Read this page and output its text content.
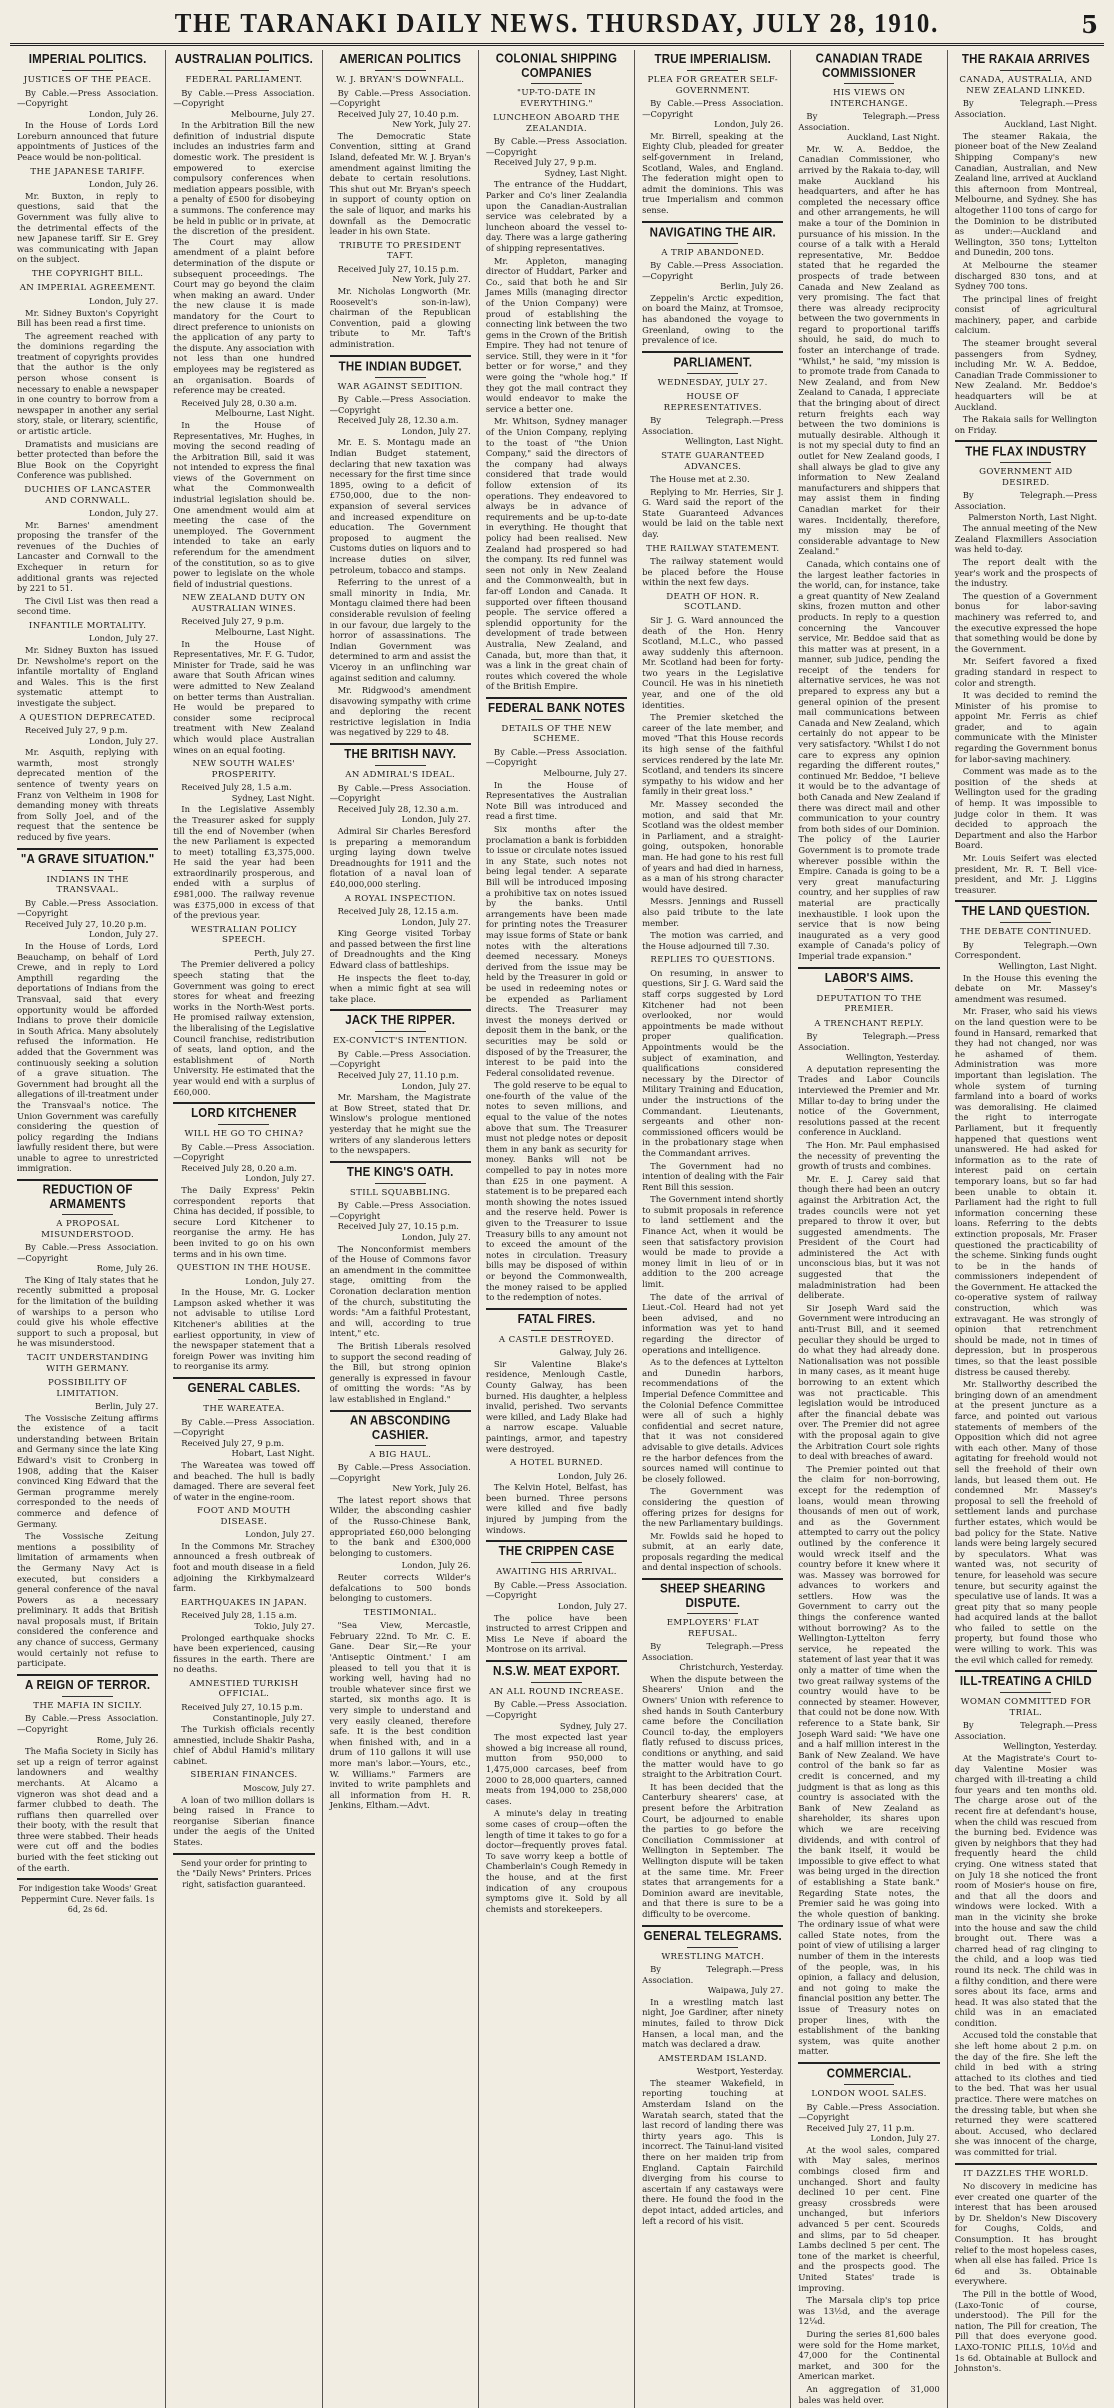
THE TARANAKI DAILY NEWS. THURSDAY, JULY 28, 1910.	5
IMPERIAL POLITICS.
JUSTICES OF THE PEACE.

By Cable.—Press Association.—Copyright

London, July 26.

In the House of Lords Lord Loreburn announced that future appointments of Justices of the Peace would be non-political.

THE JAPANESE TARIFF.

London, July 26.

Mr. Buxton, in reply to questions, said that the Government was fully alive to the detrimental effects of the new Japanese tariff. Sir E. Grey was communicating with Japan on the subject.

THE COPYRIGHT BILL.
AN IMPERIAL AGREEMENT.

London, July 27.

Mr. Sidney Buxton's Copyright Bill has been read a first time.

The agreement reached with the dominions regarding the treatment of copyrights provides that the author is the only person whose consent is necessary to enable a newspaper in one country to borrow from a newspaper in another any serial story, stale, or literary, scientific, or artistic article.

Dramatists and musicians are better protected than before the Blue Book on the Copyright Conference was published.

DUCHIES OF LANCASTER AND CORNWALL.

London, July 27.

Mr. Barnes' amendment proposing the transfer of the revenues of the Duchies of Lancaster and Cornwall to the Exchequer in return for additional grants was rejected by 221 to 51.

The Civil List was then read a second time.

INFANTILE MORTALITY.

London, July 27.

Mr. Sidney Buxton has issued Dr. Newsholme's report on the infantile mortality of England and Wales. This is the first systematic attempt to investigate the subject.

A QUESTION DEPRECATED.

Received July 27, 9 p.m.

London, July 27.

Mr. Asquith, replying with warmth, most strongly deprecated mention of the sentence of twenty years on Franz von Veltheim in 1908 for demanding money with threats from Solly Joel, and of the request that the sentence be reduced by five years.

"A GRAVE SITUATION."
INDIANS IN THE TRANSVAAL.

By Cable.—Press Association.—Copyright

Received July 27, 10.20 p.m.

London, July 27.

In the House of Lords, Lord Beauchamp, on behalf of Lord Crewe, and in reply to Lord Ampthill regarding the deportations of Indians from the Transvaal, said that every opportunity would be afforded Indians to prove their domicile in South Africa. Many absolutely refused the information. He added that the Government was continuously seeking a solution of a grave situation. The Government had brought all the allegations of ill-treatment under the Transvaal's notice. The Union Government was carefully considering the question of policy regarding the Indians lawfully resident there, but were unable to agree to unrestricted immigration.

REDUCTION OF ARMAMENTS
A PROPOSAL MISUNDERSTOOD.

By Cable.—Press Association.—Copyright

Rome, July 26.

The King of Italy states that he recently submitted a proposal for the limitation of the building of warships to a person who could give his whole effective support to such a proposal, but he was misunderstood.

TACIT UNDERSTANDING WITH GERMANY.
POSSIBILITY OF LIMITATION.

Berlin, July 27.

The Vossische Zeitung affirms the existence of a tacit understanding between Britain and Germany since the late King Edward's visit to Cronberg in 1908, adding that the Kaiser convinced King Edward that the German programme merely corresponded to the needs of commerce and defence of Germany.

The Vossische Zeitung mentions a possibility of limitation of armaments when the Germany Navy Act is executed, but considers a general conference of the naval Powers as a necessary preliminary. It adds that British naval proposals must, if Britain considered the conference and any chance of success, Germany would certainly not refuse to participate.

A REIGN OF TERROR.
THE MAFIA IN SICILY.

By Cable.—Press Association.—Copyright

Rome, July 26.

The Mafia Society in Sicily has set up a reign of terror against landowners and wealthy merchants. At Alcamo a vigneron was shot dead and a farmer clubbed to death. The ruffians then quarrelled over their booty, with the result that three were stabbed. Their heads were cut off and the bodies buried with the feet sticking out of the earth.

For indigestion take Woods' Great Peppermint Cure. Never fails. 1s 6d, 2s 6d.

AUSTRALIAN POLITICS.
FEDERAL PARLIAMENT.

By Cable.—Press Association.—Copyright

Melbourne, July 27.

In the Arbitration Bill the new definition of industrial dispute includes an industries farm and domestic work. The president is empowered to exercise compulsory conferences when mediation appears possible, with a penalty of £500 for disobeying a summons. The conference may be held in public or in private, at the discretion of the president. The Court may allow amendment of a plaint before determination of the dispute or subsequent proceedings. The Court may go beyond the claim when making an award. Under the new clause it is made mandatory for the Court to direct preference to unionists on the application of any party to the dispute. Any association with not less than one hundred employees may be registered as an organisation. Boards of reference may be created.

Received July 28, 0.30 a.m.

Melbourne, Last Night.

In the House of Representatives, Mr. Hughes, in moving the second reading of the Arbitration Bill, said it was not intended to express the final views of the Government on what the Commonwealth industrial legislation should be. One amendment would aim at meeting the case of the unemployed. The Government intended to take an early referendum for the amendment of the constitution, so as to give power to legislate on the whole field of industrial questions.

NEW ZEALAND DUTY ON AUSTRALIAN WINES.

Received July 27, 9 p.m.

Melbourne, Last Night.

In the House of Representatives, Mr. F. G. Tudor, Minister for Trade, said he was aware that South African wines were admitted to New Zealand on better terms than Australian. He would be prepared to consider some reciprocal treatment with New Zealand which would place Australian wines on an equal footing.

NEW SOUTH WALES' PROSPERITY.

Received July 28, 1.5 a.m.

Sydney, Last Night.

In the Legislative Assembly the Treasurer asked for supply till the end of November (when the new Parliament is expected to meet) totalling £3,375,000. He said the year had been extraordinarily prosperous, and ended with a surplus of £981,000. The railway revenue was £375,000 in excess of that of the previous year.

WESTRALIAN POLICY SPEECH.

Perth, July 27.

The Premier delivered a policy speech stating that the Government was going to erect stores for wheat and freezing works in the North-West ports. He promised railway extension, the liberalising of the Legislative Council franchise, redistribution of seats, land option, and the establishment of North University. He estimated that the year would end with a surplus of £60,000.

LORD KITCHENER
WILL HE GO TO CHINA?

By Cable.—Press Association.—Copyright

Received July 28, 0.20 a.m.

London, July 27.

The Daily Express' Pekin correspondent reports that China has decided, if possible, to secure Lord Kitchener to reorganise the army. He has been invited to go on his own terms and in his own time.

QUESTION IN THE HOUSE.

London, July 27.

In the House, Mr. G. Locker Lampson asked whether it was not advisable to utilise Lord Kitchener's abilities at the earliest opportunity, in view of the newspaper statement that a foreign Power was inviting him to reorganise its army.

GENERAL CABLES.
THE WAREATEA.

By Cable.—Press Association.—Copyright

Received July 27, 9 p.m.

Hobart, Last Night.

The Wareatea was towed off and beached. The hull is badly damaged. There are several feet of water in the engine-room.

FOOT AND MOUTH DISEASE.

London, July 27.

In the Commons Mr. Strachey announced a fresh outbreak of foot and mouth disease in a field adjoining the Kirkbymalzeard farm.

EARTHQUAKES IN JAPAN.

Received July 28, 1.15 a.m.

Tokio, July 27.

Prolonged earthquake shocks have been experienced, causing fissures in the earth. There are no deaths.

AMNESTIED TURKISH OFFICIAL.

Received July 27, 10.15 p.m.

Constantinople, July 27.

The Turkish officials recently amnestied, include Shakir Pasha, chief of Abdul Hamid's military cabinet.

SIBERIAN FINANCES.

Moscow, July 27.

A loan of two million dollars is being raised in France to reorganise Siberian finance under the aegis of the United States.

Send your order for printing to the "Daily News" Printers. Prices right, satisfaction guaranteed.

AMERICAN POLITICS
W. J. BRYAN'S DOWNFALL.

By Cable.—Press Association.—Copyright

Received July 27, 10.40 p.m.

New York, July 27.

The Democratic State Convention, sitting at Grand Island, defeated Mr. W. J. Bryan's amendment against limiting the debate to certain resolutions. This shut out Mr. Bryan's speech in support of county option on the sale of liquor, and marks his downfall as the Democratic leader in his own State.

TRIBUTE TO PRESIDENT TAFT.

Received July 27, 10.15 p.m.

New York, July 27.

Mr. Nicholas Longworth (Mr. Roosevelt's son-in-law), chairman of the Republican Convention, paid a glowing tribute to Mr. Taft's administration.

THE INDIAN BUDGET.
WAR AGAINST SEDITION.

By Cable.—Press Association.—Copyright

Received July 28, 12.30 a.m.

London, July 27.

Mr. E. S. Montagu made an Indian Budget statement, declaring that new taxation was necessary for the first time since 1895, owing to a deficit of £750,000, due to the non-expansion of several services and increased expenditure on education. The Government proposed to augment the Customs duties on liquors and to increase duties on silver, petroleum, tobacco and stamps.

Referring to the unrest of a small minority in India, Mr. Montagu claimed there had been considerable revulsion of feeling in our favour, due largely to the horror of assassinations. The Indian Government was determined to arm and assist the Viceroy in an unflinching war against sedition and calumny.

Mr. Ridgwood's amendment disavowing sympathy with crime and deploring the recent restrictive legislation in India was negatived by 229 to 48.

THE BRITISH NAVY.
AN ADMIRAL'S IDEAL.

By Cable.—Press Association.—Copyright

Received July 28, 12.30 a.m.

London, July 27.

Admiral Sir Charles Beresford is preparing a memorandum urging laying down twelve Dreadnoughts for 1911 and the flotation of a naval loan of £40,000,000 sterling.

A ROYAL INSPECTION.

Received July 28, 12.15 a.m.

London, July 27.

King George visited Torbay and passed between the first line of Dreadnoughts and the King Edward class of battleships.

He inspects the fleet to-day, when a mimic fight at sea will take place.

JACK THE RIPPER.
EX-CONVICT'S INTENTION.

By Cable.—Press Association.—Copyright

Received July 27, 11.10 p.m.

London, July 27.

Mr. Marsham, the Magistrate at Bow Street, stated that Dr. Winslow's prologue mentioned yesterday that he might sue the writers of any slanderous letters to the newspapers.

THE KING'S OATH.
STILL SQUABBLING.

By Cable.—Press Association.—Copyright

Received July 27, 10.15 p.m.

London, July 27.

The Nonconformist members of the House of Commons favor an amendment in the committee stage, omitting from the Coronation declaration mention of the church, substituting the words: "Am a faithful Protestant, and will, according to true intent," etc.

The British Liberals resolved to support the second reading of the Bill, but strong opinion generally is expressed in favour of omitting the words: "As by law established in England."

AN ABSCONDING CASHIER.
A BIG HAUL.

By Cable.—Press Association.—Copyright

New York, July 26.

The latest report shows that Wilder, the absconding cashier of the Russo-Chinese Bank, appropriated £60,000 belonging to the bank and £300,000 belonging to customers.

London, July 26.

Reuter corrects Wilder's defalcations to 500 bonds belonging to customers.

TESTIMONIAL.

"Sea View, Mercastle, February 22nd. To Mr. C. E. Gane. Dear Sir,—Re your 'Antiseptic Ointment.' I am pleased to tell you that it is working well, having had no trouble whatever since first we started, six months ago. It is very simple to understand and very easily cleaned, therefore safe. It is the best condition when finished with, and in a drum of 110 gallons it will use more man's labor.—Yours, etc., W. Williams." Farmers are invited to write pamphlets and all information from H. R. Jenkins, Eltham.—Advt.

COLONIAL SHIPPING COMPANIES
"UP-TO-DATE IN EVERYTHING."
LUNCHEON ABOARD THE ZEALANDIA.

By Cable.—Press Association.—Copyright

Received July 27, 9 p.m.

Sydney, Last Night.

The entrance of the Huddart, Parker and Co's liner Zealandia upon the Canadian-Australian service was celebrated by a luncheon aboard the vessel to-day. There was a large gathering of shipping representatives.

Mr. Appleton, managing director of Huddart, Parker and Co., said that both he and Sir James Mills (managing director of the Union Company) were proud of establishing the connecting link between the two gems in the Crown of the British Empire. They had not tenure of service. Still, they were in it "for better or for worse," and they were going the "whole hog." If they got the mail contract they would endeavor to make the service a better one.

Mr. Whitson, Sydney manager of the Union Company, replying to the toast of "the Union Company," said the directors of the company had always considered that trade would follow extension of its operations. They endeavored to always be in advance of requirements and be up-to-date in everything. He thought that policy had been realised. New Zealand had prospered so had the company. Its red funnel was seen not only in New Zealand and the Commonwealth, but in far-off London and Canada. It supported over fifteen thousand people. The service offered a splendid opportunity for the development of trade between Australia, New Zealand, and Canada, but, more than that, it was a link in the great chain of routes which covered the whole of the British Empire.

FEDERAL BANK NOTES
DETAILS OF THE NEW SCHEME.

By Cable.—Press Association.—Copyright

Melbourne, July 27.

In the House of Representatives the Australian Note Bill was introduced and read a first time.

Six months after the proclamation a bank is forbidden to issue or circulate notes issued in any State, such notes not being legal tender. A separate Bill will be introduced imposing a prohibitive tax on notes issued by the banks. Until arrangements have been made for printing notes the Treasurer may issue forms of State or bank notes with the alterations deemed necessary. Moneys derived from the issue may be held by the Treasurer in gold or be used in redeeming notes or be expended as Parliament directs. The Treasurer may invest the moneys derived or deposit them in the bank, or the securities may be sold or disposed of by the Treasurer, the interest to be paid into the Federal consolidated revenue.

The gold reserve to be equal to one-fourth of the value of the notes to seven millions, and equal to the value of the notes above that sum. The Treasurer must not pledge notes or deposit them in any bank as security for money. Banks will not be compelled to pay in notes more than £25 in one payment. A statement is to be prepared each month showing the notes issued and the reserve held. Power is given to the Treasurer to issue Treasury bills to any amount not to exceed the amount of the notes in circulation. Treasury bills may be disposed of within or beyond the Commonwealth, the money raised to be applied to the redemption of notes.

FATAL FIRES.
A CASTLE DESTROYED.

Galway, July 26.

Sir Valentine Blake's residence, Menlough Castle, County Galway, has been burned. His daughter, a helpless invalid, perished. Two servants were killed, and Lady Blake had a narrow escape. Valuable paintings, armor, and tapestry were destroyed.

A HOTEL BURNED.

London, July 26.

The Kelvin Hotel, Belfast, has been burned. Three persons were killed and five badly injured by jumping from the windows.

THE CRIPPEN CASE
AWAITING HIS ARRIVAL.

By Cable.—Press Association.—Copyright

London, July 27.

The police have been instructed to arrest Crippen and Miss Le Neve if aboard the Montrose on its arrival.

N.S.W. MEAT EXPORT.
AN ALL ROUND INCREASE.

By Cable.—Press Association.—Copyright

Sydney, July 27.

The most expected last year showed a big increase all round, mutton from 950,000 to 1,475,000 carcases, beef from 2000 to 28,000 quarters, canned meats from 194,000 to 258,000 cases.

A minute's delay in treating some cases of croup—often the length of time it takes to go for a doctor—frequently proves fatal. To save worry keep a bottle of Chamberlain's Cough Remedy in the house, and at the first indication of any croupous symptoms give it. Sold by all chemists and storekeepers.

TRUE IMPERIALISM.
PLEA FOR GREATER SELF-GOVERNMENT.

By Cable.—Press Association.—Copyright

London, July 26.

Mr. Birrell, speaking at the Eighty Club, pleaded for greater self-government in Ireland, Scotland, Wales, and England. The federation might open to admit the dominions. This was true Imperialism and common sense.

NAVIGATING THE AIR.
A TRIP ABANDONED.

By Cable.—Press Association.—Copyright

Berlin, July 26.

Zeppelin's Arctic expedition, on board the Mainz, at Tromsoe, has abandoned the voyage to Greenland, owing to the prevalence of ice.

PARLIAMENT.
WEDNESDAY, JULY 27.
HOUSE OF REPRESENTATIVES.

By Telegraph.—Press Association.

Wellington, Last Night.

STATE GUARANTEED ADVANCES.

The House met at 2.30.

Replying to Mr. Herries, Sir J. G. Ward said the report of the State Guaranteed Advances would be laid on the table next day.

THE RAILWAY STATEMENT.

The railway statement would be placed before the House within the next few days.

DEATH OF HON. R. SCOTLAND.

Sir J. G. Ward announced the death of the Hon. Henry Scotland, M.L.C., who passed away suddenly this afternoon. Mr. Scotland had been for forty-two years in the Legislative Council. He was in his ninetieth year, and one of the old identities.

The Premier sketched the career of the late member, and moved "That this House records its high sense of the faithful services rendered by the late Mr. Scotland, and tenders its sincere sympathy to his widow and her family in their great loss."

Mr. Massey seconded the motion, and said that Mr. Scotland was the oldest member in Parliament, and a straight-going, outspoken, honorable man. He had gone to his rest full of years and had died in harness, as a man of his strong character would have desired.

Messrs. Jennings and Russell also paid tribute to the late member.

The motion was carried, and the House adjourned till 7.30.

REPLIES TO QUESTIONS.

On resuming, in answer to questions, Sir J. G. Ward said the staff corps suggested by Lord Kitchener had not been overlooked, nor would appointments be made without proper qualification. Appointments would be the subject of examination, and qualifications considered necessary by the Director of Military Training and Education, under the instructions of the Commandant. Lieutenants, sergeants and other non-commissioned officers would be in the probationary stage when the Commandant arrives.

The Government had no intention of dealing with the Fair Rent Bill this session.

The Government intend shortly to submit proposals in reference to land settlement and the Finance Act, when it would be seen that satisfactory provision would be made to provide a money limit in lieu of or in addition to the 200 acreage limit.

The date of the arrival of Lieut.-Col. Heard had not yet been advised, and no information was yet to hand regarding the director of operations and intelligence.

As to the defences at Lyttelton and Dunedin harbors, recommendations of the Imperial Defence Committee and the Colonial Defence Committee were all of such a highly confidential and secret nature, that it was not considered advisable to give details. Advices re the harbor defences from the sources named will continue to be closely followed.

The Government was considering the question of offering prizes for designs for the new Parliamentary buildings.

Mr. Fowlds said he hoped to submit, at an early date, proposals regarding the medical and dental inspection of schools.

SHEEP SHEARING DISPUTE.
EMPLOYERS' FLAT REFUSAL.

By Telegraph.—Press Association.

Christchurch, Yesterday.

When the dispute between the Shearers' Union and the Owners' Union with reference to shed hands in South Canterbury came before the Conciliation Council to-day, the employers flatly refused to discuss prices, conditions or anything, and said the matter would have to go straight to the Arbitration Court.

It has been decided that the Canterbury shearers' case, at present before the Arbitration Court, be adjourned to enable the parties to go before the Conciliation Commissioner at Wellington in September. The Wellington dispute will be taken at the same time. Mr. Freer states that arrangements for a Dominion award are inevitable, and that there is sure to be a difficulty to be overcome.

GENERAL TELEGRAMS.
WRESTLING MATCH.

By Telegraph.—Press Association.

Waipawa, July 27.

In a wrestling match last night, Joe Gardiner, after ninety minutes, failed to throw Dick Hansen, a local man, and the match was declared a draw.

AMSTERDAM ISLAND.

Westport, Yesterday.

The steamer Wakefield, in reporting touching at Amsterdam Island on the Waratah search, stated that the last record of landing there was thirty years ago. This is incorrect. The Tainui-land visited there on her maiden trip from England. Captain Fairchild diverging from his course to ascertain if any castaways were there. He found the food in the depot intact, added articles, and left a record of his visit.

CANADIAN TRADE COMMISSIONER
HIS VIEWS ON INTERCHANGE.

By Telegraph.—Press Association.

Auckland, Last Night.

Mr. W. A. Beddoe, the Canadian Commissioner, who arrived by the Rakaia to-day, will make Auckland his headquarters, and after he has completed the necessary office and other arrangements, he will make a tour of the Dominion in pursuance of his mission. In the course of a talk with a Herald representative, Mr. Beddoe stated that he regarded the prospects of trade between Canada and New Zealand as very promising. The fact that there was already reciprocity between the two governments in regard to proportional tariffs should, he said, do much to foster an interchange of trade. "Whilst," he said, "my mission is to promote trade from Canada to New Zealand, and from New Zealand to Canada, I appreciate that the bringing about of direct return freights each way between the two dominions is mutually desirable. Although it is not my special duty to find an outlet for New Zealand goods, I shall always be glad to give any information to New Zealand manufacturers and shippers that may assist them in finding Canadian market for their wares. Incidentally, therefore, my mission may be of considerable advantage to New Zealand."

Canada, which contains one of the largest leather factories in the world, can, for instance, take a great quantity of New Zealand skins, frozen mutton and other products. In reply to a question concerning the Vancouver service, Mr. Beddoe said that as this matter was at present, in a manner, sub judice, pending the receipt of the tenders for alternative services, he was not prepared to express any but a general opinion of the present mail communications between Canada and New Zealand, which certainly do not appear to be very satisfactory. "Whilst I do not care to express any opinion regarding the different routes," continued Mr. Beddoe, "I believe it would be to the advantage of both Canada and New Zealand if there was direct mail and other communication to your country from both sides of our Dominion. The policy of the Laurier Government is to promote trade wherever possible within the Empire. Canada is going to be a very great manufacturing country, and her supplies of raw material are practically inexhaustible. I look upon the service that is now being inaugurated as a very good example of Canada's policy of Imperial trade expansion."

LABOR'S AIMS.
DEPUTATION TO THE PREMIER.
A TRENCHANT REPLY.

By Telegraph.—Press Association.

Wellington, Yesterday.

A deputation representing the Trades and Labor Councils interviewed the Premier and Mr. Millar to-day to bring under the notice of the Government, resolutions passed at the recent conference in Auckland.

The Hon. Mr. Paul emphasised the necessity of preventing the growth of trusts and combines.

Mr. E. J. Carey said that though there had been an outcry against the Arbitration Act, the trades councils were not yet prepared to throw it over, but suggested amendments. The President of the Court had administered the Act with unconscious bias, but it was not suggested that the maladministration had been deliberate.

Sir Joseph Ward said the Government were introducing an anti-Trust Bill, and it seemed peculiar they should be urged to do what they had already done. Nationalisation was not possible in many cases, as it meant huge borrowing to an extent which was not practicable. This legislation would be introduced after the financial debate was over. The Premier did not agree with the proposal again to give the Arbitration Court sole rights to deal with breaches of award.

The Premier pointed out that the claim for non-borrowing, except for the redemption of loans, would mean throwing thousands of men out of work, and as the Government attempted to carry out the policy outlined by the conference it would wreck itself and the country before it knew where it was. Massey was borrowed for advances to workers and settlers. How was the Government to carry out the things the conference wanted without borrowing? As to the Wellington-Lyttelton ferry service, he repeated the statement of last year that it was only a matter of time when the two great railway systems of the country would have to be connected by steamer. However, that could not be done now. With reference to a State bank, Sir Joseph Ward said: "We have one and a half million interest in the Bank of New Zealand. We have control of the bank so far as credit is concerned, and my judgment is that as long as this country is associated with the Bank of New Zealand as shareholder, its shares upon which we are receiving dividends, and with control of the bank itself, it would be impossible to give effect to what was being urged in the direction of establishing a State bank." Regarding State notes, the Premier said he was going into the whole question of banking. The ordinary issue of what were called State notes, from the point of view of utilising a larger number of them in the interests of the people, was, in his opinion, a fallacy and delusion, and not going to make the financial position any better. The issue of Treasury notes on proper lines, with the establishment of the banking system, was quite another matter.

COMMERCIAL.
LONDON WOOL SALES.

By Cable.—Press Association.—Copyright

Received July 27, 11 p.m.

London, July 27.

At the wool sales, compared with May sales, merinos combings closed firm and unchanged. Short and faulty declined 10 per cent. Fine greasy crossbreds were unchanged, but inferiors advanced 5 per cent. Scoureds and slims, par to 5d cheaper. Lambs declined 5 per cent. The tone of the market is cheerful, and the prospects good. The United States' trade is improving.

The Marsala clip's top price was 13½d, and the average 12¼d.

During the series 81,600 bales were sold for the Home market, 47,000 for the Continental market, and 300 for the American market.

An aggregation of 31,000 bales was held over.

THE RAKAIA ARRIVES
CANADA, AUSTRALIA, AND NEW ZEALAND LINKED.

By Telegraph.—Press Association.

Auckland, Last Night.

The steamer Rakaia, the pioneer boat of the New Zealand Shipping Company's new Canadian, Australian, and New Zealand line, arrived at Auckland this afternoon from Montreal, Melbourne, and Sydney. She has altogether 1100 tons of cargo for the Dominion to be distributed as under:—Auckland and Wellington, 350 tons; Lyttelton and Dunedin, 200 tons.

At Melbourne the steamer discharged 830 tons, and at Sydney 700 tons.

The principal lines of freight consist of agricultural machinery, paper, and carbide calcium.

The steamer brought several passengers from Sydney, including Mr. W. A. Beddoe, Canadian Trade Commissioner to New Zealand. Mr. Beddoe's headquarters will be at Auckland.

The Rakaia sails for Wellington on Friday.

THE FLAX INDUSTRY
GOVERNMENT AID DESIRED.

By Telegraph.—Press Association.

Palmerston North, Last Night.

The annual meeting of the New Zealand Flaxmillers Association was held to-day.

The report dealt with the year's work and the prospects of the industry.

The question of a Government bonus for labor-saving machinery was referred to, and the executive expressed the hope that something would be done by the Government.

Mr. Seifert favored a fixed grading standard in respect to color and strength.

It was decided to remind the Minister of his promise to appoint Mr. Ferris as chief grader, and to again communicate with the Minister regarding the Government bonus for labor-saving machinery.

Comment was made as to the position of the sheds at Wellington used for the grading of hemp. It was impossible to judge color in them. It was decided to approach the Department and also the Harbor Board.

Mr. Louis Seifert was elected president, Mr. R. T. Bell vice-president, and Mr. J. Liggins treasurer.

THE LAND QUESTION.
THE DEBATE CONTINUED.

By Telegraph.—Own Correspondent.

Wellington, Last Night.

In the House this evening the debate on Mr. Massey's amendment was resumed.

Mr. Fraser, who said his views on the land question were to be found in Hansard, remarked that they had not changed, nor was he ashamed of them. Administration was more important than legislation. The whole system of turning farmland into a board of works was demoralising. He claimed the right to interrogate Parliament, but it frequently happened that questions went unanswered. He had asked for information as to the rate of interest paid on certain temporary loans, but so far had been unable to obtain it. Parliament had the right to full information concerning these loans. Referring to the debts extinction proposals, Mr. Fraser questioned the practicability of the scheme. Sinking funds ought to be in the hands of commissioners independent of the Government. He attacked the co-operative system of railway construction, which was extravagant. He was strongly of opinion that retrenchment should be made, not in times of depression, but in prosperous times, so that the least possible distress be caused thereby.

Mr. Stallworthy described the bringing down of an amendment at the present juncture as a farce, and pointed out various statements of members of the Opposition which did not agree with each other. Many of those agitating for freehold would not sell the freehold of their own lands, but leased them out. He condemned Mr. Massey's proposal to sell the freehold of settlement lands and purchase further estates, which would be bad policy for the State. Native lands were being largely secured by speculators. What was wanted was, not security of tenure, for leasehold was secure tenure, but security against the speculative use of lands. It was a great pity that so many people had acquired lands at the ballot who failed to settle on the property, but found those who were willing to work. This was the evil which called for remedy.

ILL-TREATING A CHILD
WOMAN COMMITTED FOR TRIAL.

By Telegraph.—Press Association.

Wellington, Yesterday.

At the Magistrate's Court to-day Valentine Mosier was charged with ill-treating a child four years and ten months old. The charge arose out of the recent fire at defendant's house, when the child was rescued from the burning bed. Evidence was given by neighbors that they had frequently heard the child crying. One witness stated that on July 18 she noticed the front room of Mosier's house on fire, and that all the doors and windows were locked. With a man in the vicinity she broke into the house and saw the child brought out. There was a charred head of rag clinging to the child, and a loop was tied round its neck. The child was in a filthy condition, and there were sores about its face, arms and head. It was also stated that the child was in an emaciated condition.

Accused told the constable that she left home about 2 p.m. on the day of the fire. She left the child in bed with a string attached to its clothes and tied to the bed. That was her usual practice. There were matches on the dressing table, but when she returned they were scattered about. Accused, who declared she was innocent of the charge, was committed for trial.

IT DAZZLES THE WORLD.

No discovery in medicine has ever created one quarter of the interest that has been aroused by Dr. Sheldon's New Discovery for Coughs, Colds, and Consumption. It has brought relief to the most hopeless cases, when all else has failed. Price 1s 6d and 3s. Obtainable everywhere.

The Pill in the bottle of Wood, (Laxo-Tonic of course, understood). The Pill for the nation, The Pill for creation, The Pill that does everyone good. LAXO-TONIC PILLS, 10½d and 1s 6d. Obtainable at Bullock and Johnston's.
